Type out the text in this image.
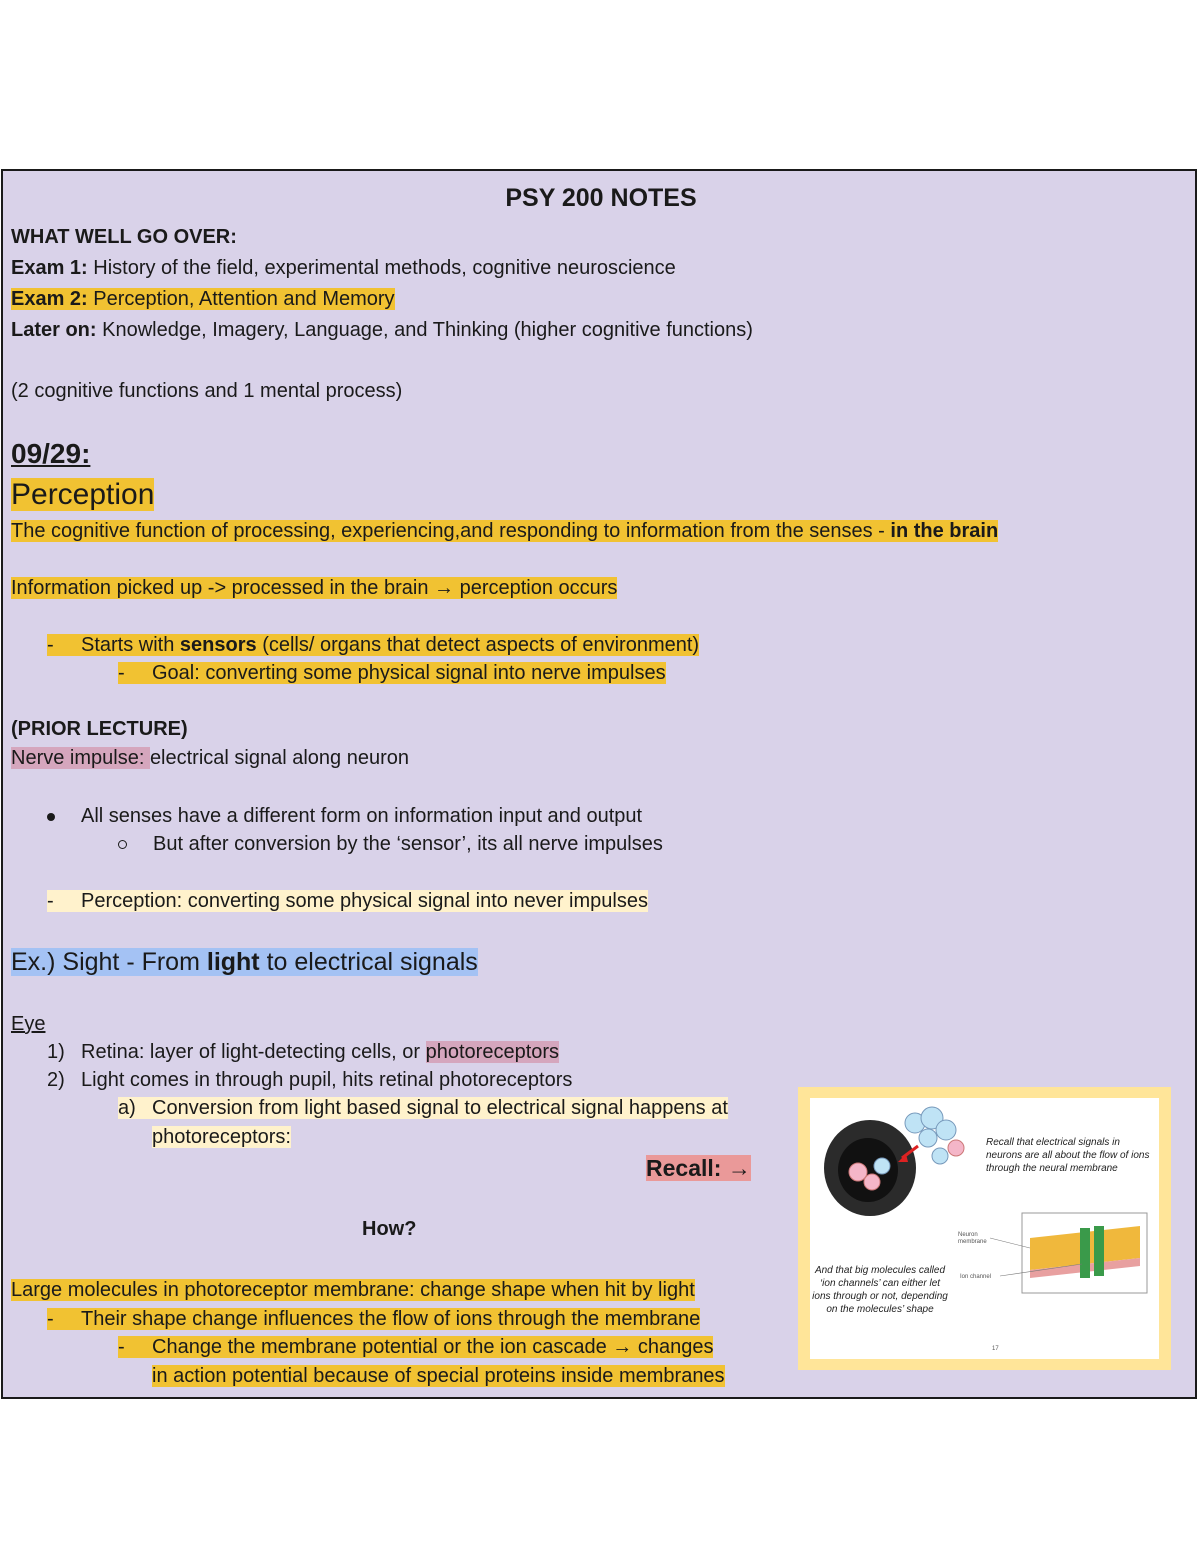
PSY 200 NOTES
WHAT WELL GO OVER:
Exam 1: History of the field, experimental methods, cognitive neuroscience
Exam 2: Perception, Attention and Memory
Later on: Knowledge, Imagery, Language, and Thinking (higher cognitive functions)
(2 cognitive functions and 1 mental process)
09/29:
Perception
The cognitive function of processing, experiencing,and responding to information from the senses - in the brain
Information picked up -> processed in the brain → perception occurs
- Starts with sensors (cells/ organs that detect aspects of environment)
- Goal: converting some physical signal into nerve impulses
(PRIOR LECTURE)
Nerve impulse: electrical signal along neuron
All senses have a different form on information input and output
But after conversion by the ‘sensor’, its all nerve impulses
- Perception: converting some physical signal into never impulses
Ex.) Sight - From light to electrical signals
Eye
1) Retina: layer of light-detecting cells, or photoreceptors
2) Light comes in through pupil, hits retinal photoreceptors
a) Conversion from light based signal to electrical signal happens at
photoreceptors:
Recall: →
How?
Large molecules in photoreceptor membrane: change shape when hit by light
- Their shape change influences the flow of ions through the membrane
- Change the membrane potential or the ion cascade → changes
in action potential because of special proteins inside membranes
Recall that electrical signals in neurons are all about the flow of ions through the neural membrane
And that big molecules called ‘ion channels’ can either let ions through or not, depending on the molecules’ shape
Neuron membrane
Ion channel
17
